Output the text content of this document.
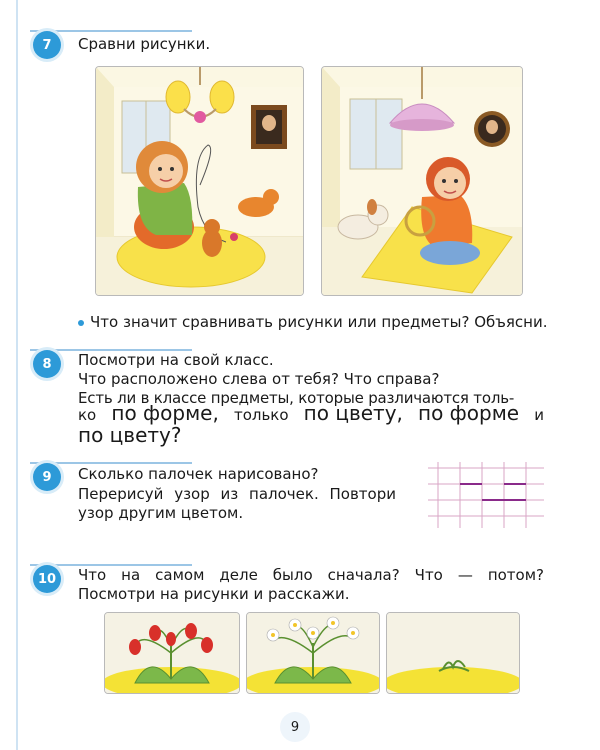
7	Сравни рисунки.
Что значит сравнивать рисунки или предметы? Объясни.
8	Посмотри на свой класс.
Что расположено слева от тебя? Что справа?
Есть ли в классе предметы, которые различаются толь-
ко по форме, только по цвету, по форме и
по цвету?
9	Сколько палочек нарисовано?
Перерисуй узор из палочек. Повтори
узор другим цветом.
10	Что на самом деле было сначала? Что — потом?
Посмотри на рисунки и расскажи.
9
